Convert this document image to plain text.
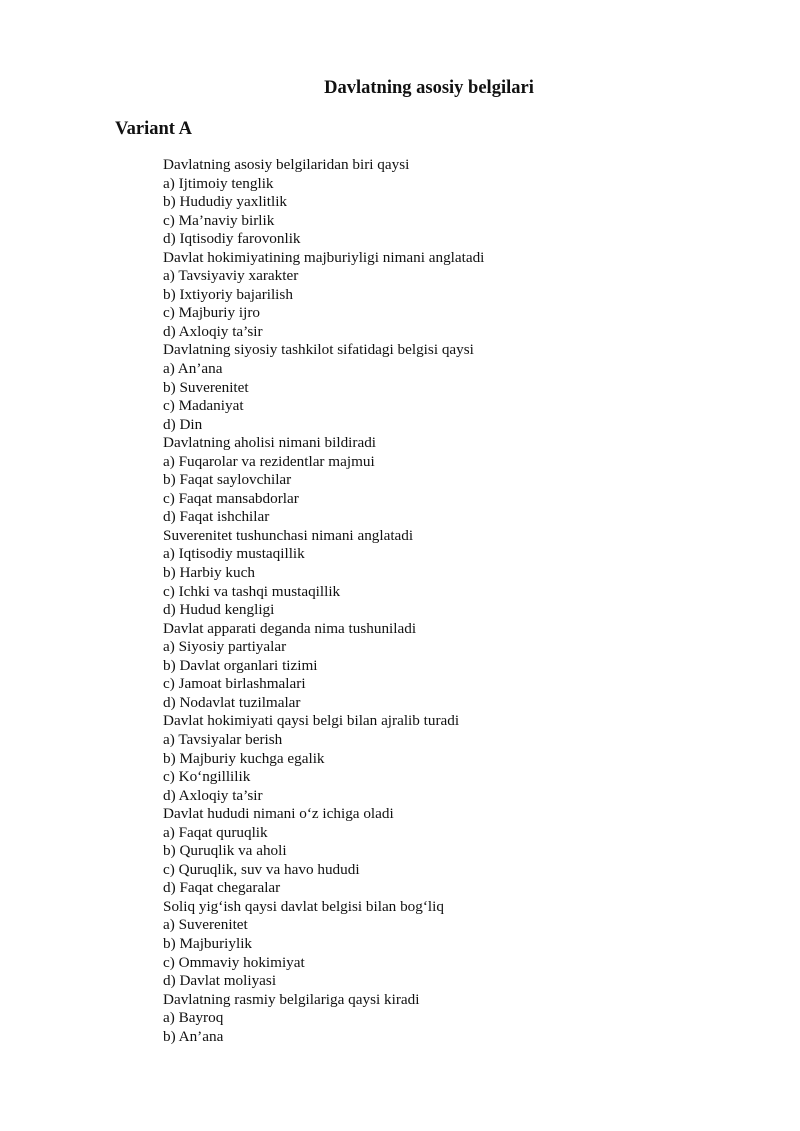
Davlatning asosiy belgilari
Variant A
Davlatning asosiy belgilaridan biri qaysi
a) Ijtimoiy tenglik
b) Hududiy yaxlitlik
c) Ma’naviy birlik
d) Iqtisodiy farovonlik
Davlat hokimiyatining majburiyligi nimani anglatadi
a) Tavsiyaviy xarakter
b) Ixtiyoriy bajarilish
c) Majburiy ijro
d) Axloqiy ta’sir
Davlatning siyosiy tashkilot sifatidagi belgisi qaysi
a) An’ana
b) Suverenitet
c) Madaniyat
d) Din
Davlatning aholisi nimani bildiradi
a) Fuqarolar va rezidentlar majmui
b) Faqat saylovchilar
c) Faqat mansabdorlar
d) Faqat ishchilar
Suverenitet tushunchasi nimani anglatadi
a) Iqtisodiy mustaqillik
b) Harbiy kuch
c) Ichki va tashqi mustaqillik
d) Hudud kengligi
Davlat apparati deganda nima tushuniladi
a) Siyosiy partiyalar
b) Davlat organlari tizimi
c) Jamoat birlashmalari
d) Nodavlat tuzilmalar
Davlat hokimiyati qaysi belgi bilan ajralib turadi
a) Tavsiyalar berish
b) Majburiy kuchga egalik
c) Ko‘ngillilik
d) Axloqiy ta’sir
Davlat hududi nimani o‘z ichiga oladi
a) Faqat quruqlik
b) Quruqlik va aholi
c) Quruqlik, suv va havo hududi
d) Faqat chegaralar
Soliq yig‘ish qaysi davlat belgisi bilan bog‘liq
a) Suverenitet
b) Majburiylik
c) Ommaviy hokimiyat
d) Davlat moliyasi
Davlatning rasmiy belgilariga qaysi kiradi
a) Bayroq
b) An’ana
